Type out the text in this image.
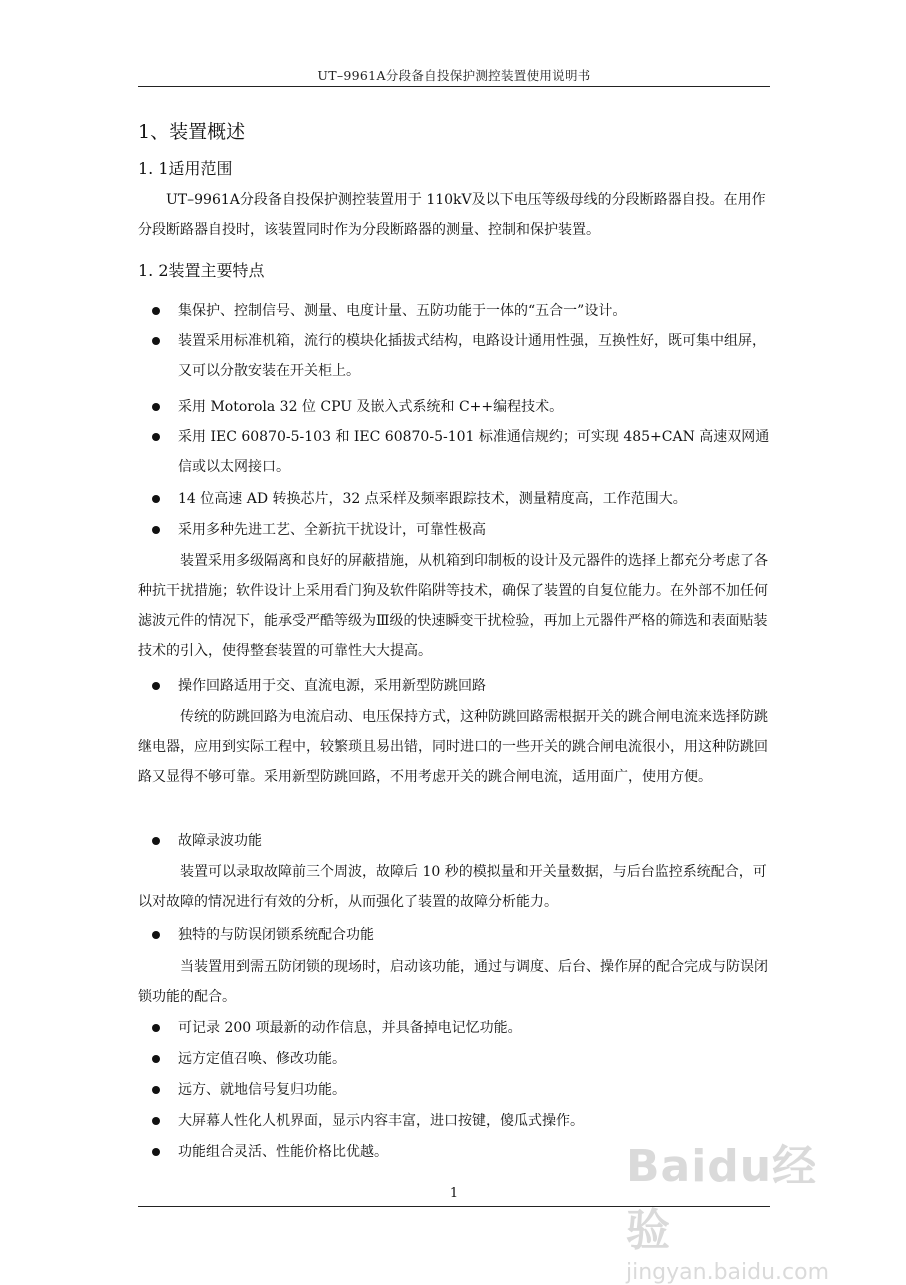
UT–9961A分段备自投保护测控装置使用说明书
1、装置概述
1. 1适用范围
UT–9961A分段备自投保护测控装置用于 110kV及以下电压等级母线的分段断路器自投。在用作分段断路器自投时，该装置同时作为分段断路器的测量、控制和保护装置。
1. 2装置主要特点
集保护、控制信号、测量、电度计量、五防功能于一体的“五合一”设计。
装置采用标准机箱，流行的模块化插拔式结构，电路设计通用性强，互换性好，既可集中组屏，又可以分散安装在开关柜上。
采用 Motorola 32 位 CPU 及嵌入式系统和 C++编程技术。
采用 IEC 60870-5-103 和 IEC 60870-5-101 标准通信规约；可实现 485+CAN 高速双网通信或以太网接口。
14 位高速 AD 转换芯片，32 点采样及频率跟踪技术，测量精度高，工作范围大。
采用多种先进工艺、全新抗干扰设计，可靠性极高
装置采用多级隔离和良好的屏蔽措施，从机箱到印制板的设计及元器件的选择上都充分考虑了各种抗干扰措施；软件设计上采用看门狗及软件陷阱等技术，确保了装置的自复位能力。在外部不加任何滤波元件的情况下，能承受严酷等级为Ⅲ级的快速瞬变干扰检验，再加上元器件严格的筛选和表面贴装技术的引入，使得整套装置的可靠性大大提高。
操作回路适用于交、直流电源，采用新型防跳回路
传统的防跳回路为电流启动、电压保持方式，这种防跳回路需根据开关的跳合闸电流来选择防跳继电器，应用到实际工程中，较繁琐且易出错，同时进口的一些开关的跳合闸电流很小，用这种防跳回路又显得不够可靠。采用新型防跳回路，不用考虑开关的跳合闸电流，适用面广，使用方便。
故障录波功能
装置可以录取故障前三个周波，故障后 10 秒的模拟量和开关量数据，与后台监控系统配合，可以对故障的情况进行有效的分析，从而强化了装置的故障分析能力。
独特的与防误闭锁系统配合功能
当装置用到需五防闭锁的现场时，启动该功能，通过与调度、后台、操作屏的配合完成与防误闭锁功能的配合。
可记录 200 项最新的动作信息，并具备掉电记忆功能。
远方定值召唤、修改功能。
远方、就地信号复归功能。
大屏幕人性化人机界面，显示内容丰富，进口按键，傻瓜式操作。
功能组合灵活、性能价格比优越。
1
Baidu经验
jingyan.baidu.com
